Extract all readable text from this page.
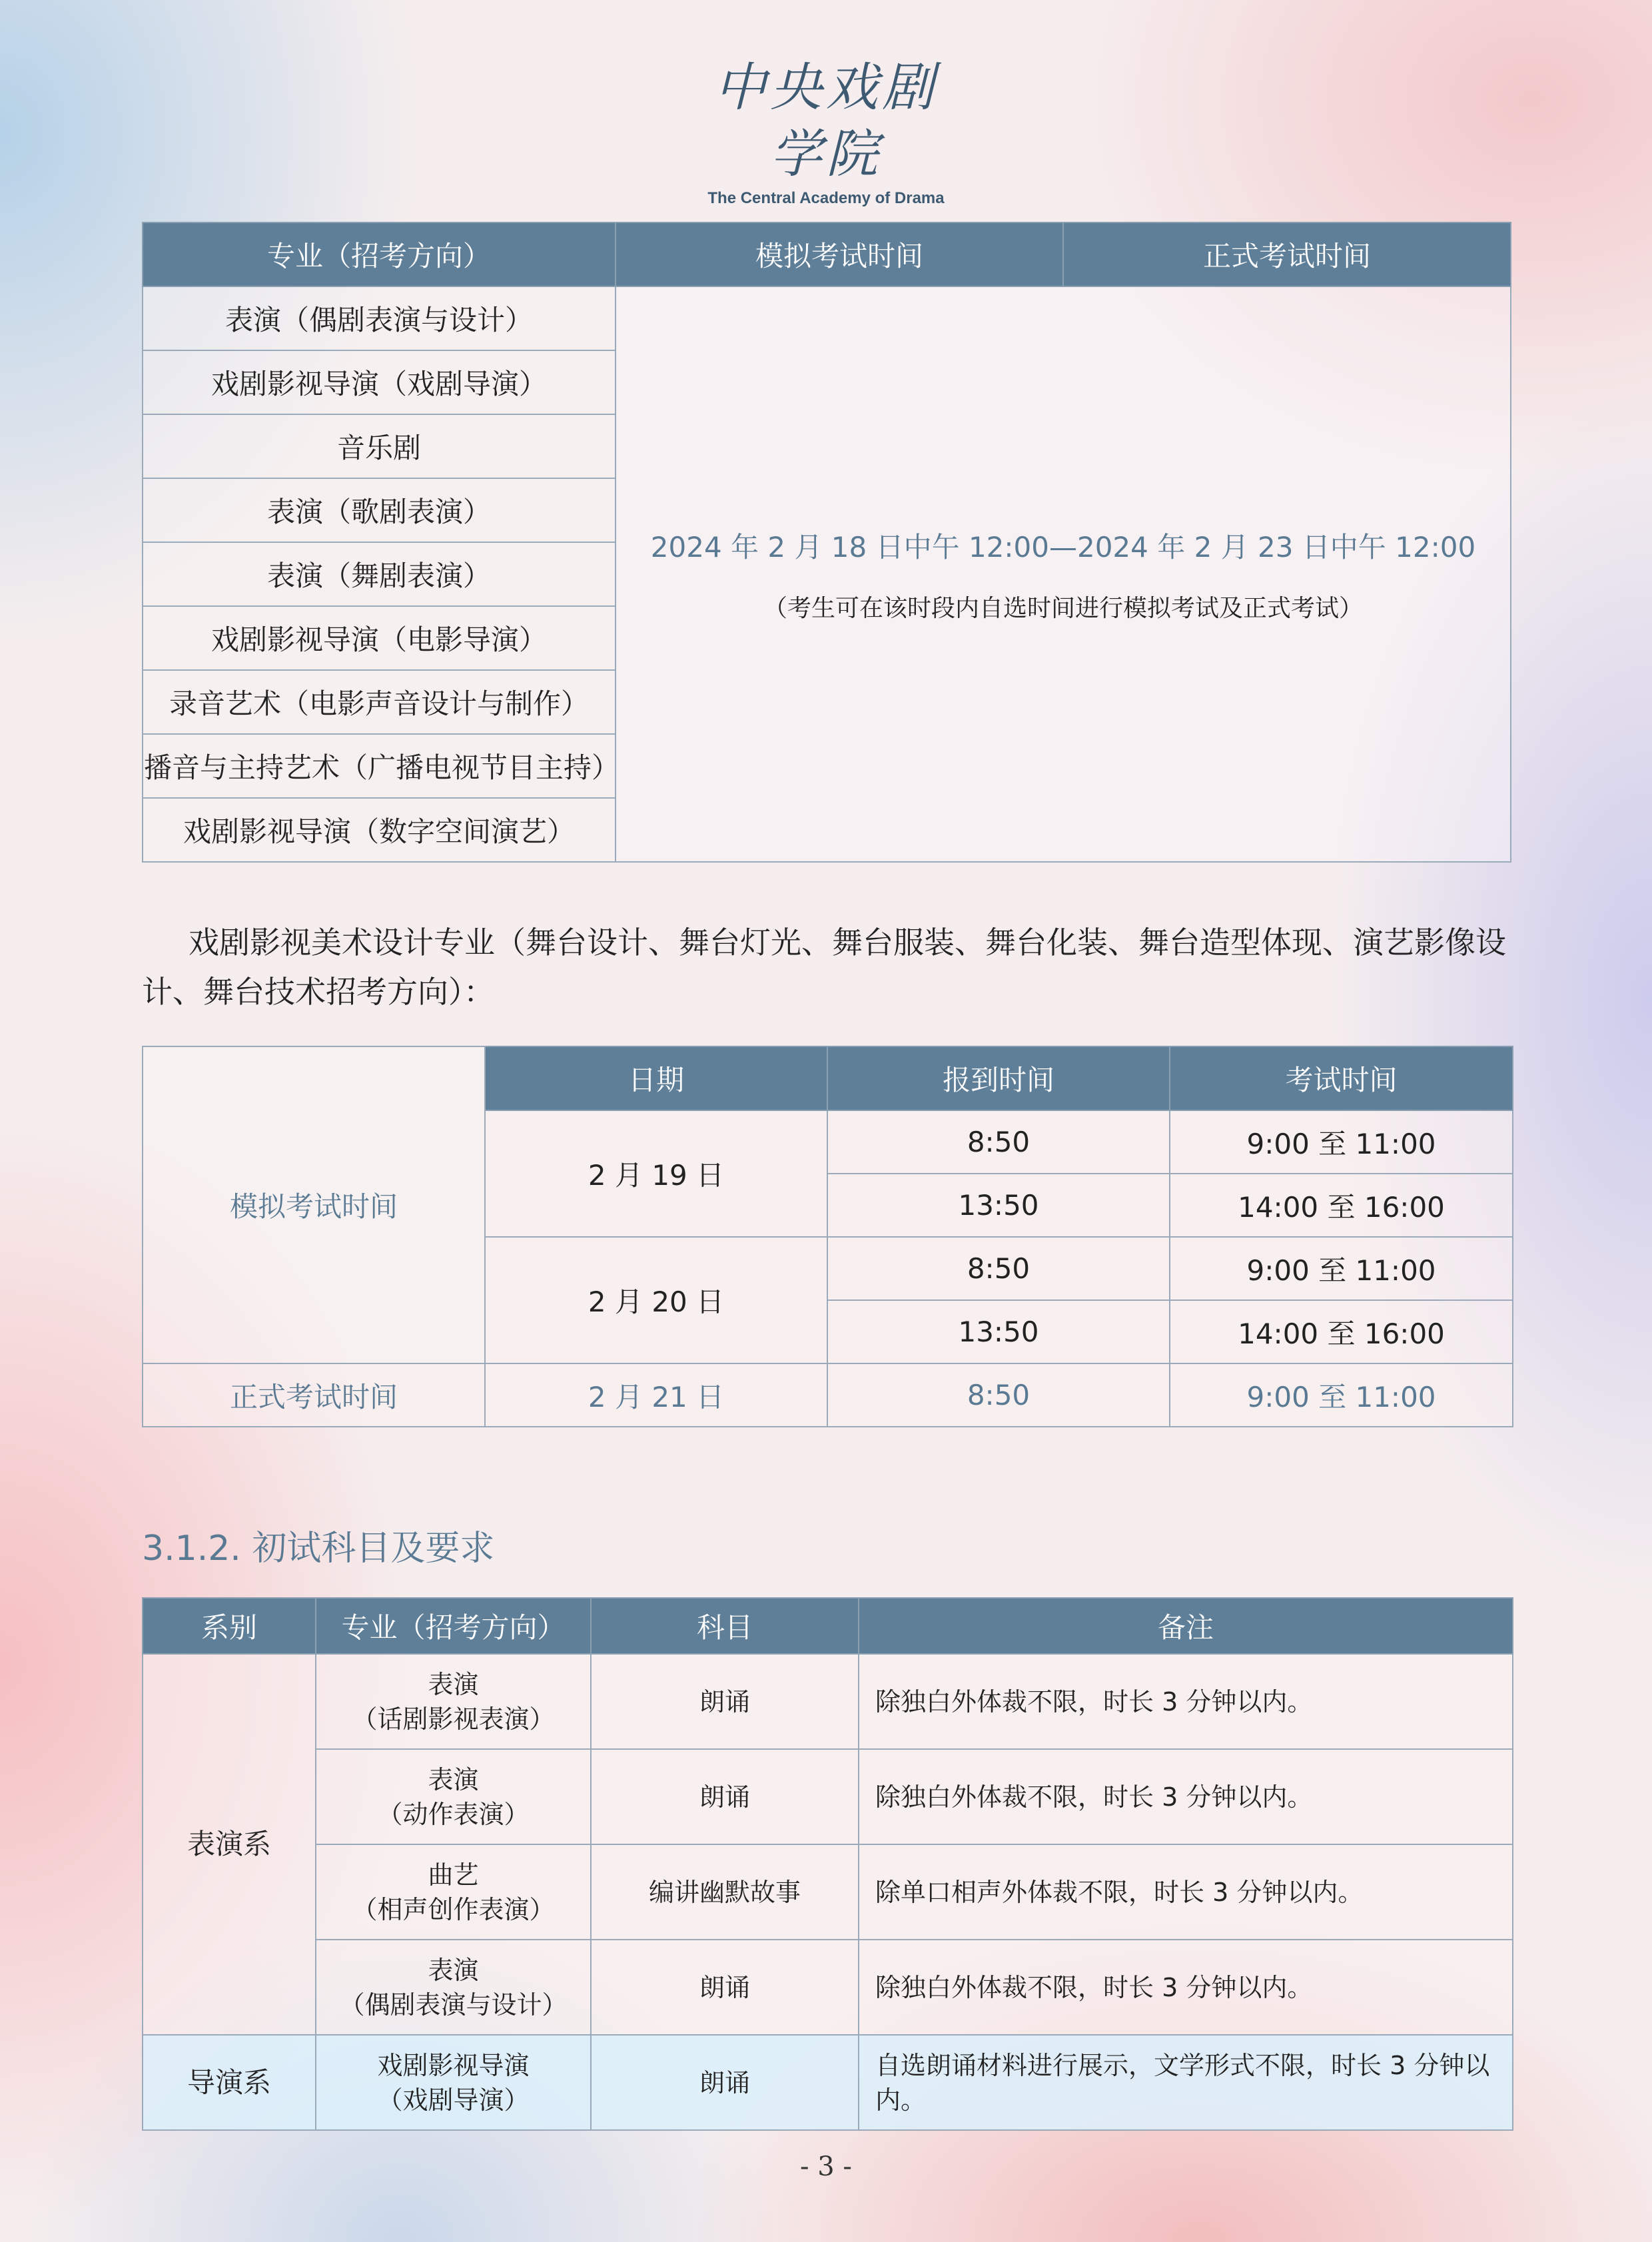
中央戏剧学院
The Central Academy of Drama
专业（招考方向）	模拟考试时间	正式考试时间
表演（偶剧表演与设计）	2024 年 2 月 18 日中午 12:00—2024 年 2 月 23 日中午 12:00
（考生可在该时段内自选时间进行模拟考试及正式考试）	

戏剧影视导演（戏剧导演）		
音乐剧		
表演（歌剧表演）		
表演（舞剧表演）		
戏剧影视导演（电影导演）		
录音艺术（电影声音设计与制作）		
播音与主持艺术（广播电视节目主持）		
戏剧影视导演（数字空间演艺）		
戏剧影视美术设计专业（舞台设计、舞台灯光、舞台服装、舞台化装、舞台造型体现、演艺影像设计、舞台技术招考方向）：
模拟考试时间	日期	报到时间	考试时间
	2 月 19 日	8:50	9:00 至 11:00
		13:50	14:00 至 16:00
	2 月 20 日	8:50	9:00 至 11:00
		13:50	14:00 至 16:00
正式考试时间	2 月 21 日	8:50	9:00 至 11:00
3.1.2. 初试科目及要求
系别	专业（招考方向）	科目	备注
表演系	表演
（话剧影视表演）	朗诵	除独白外体裁不限，时长 3 分钟以内。

	表演
（动作表演）	朗诵	除独白外体裁不限，时长 3 分钟以内。

	曲艺
（相声创作表演）	编讲幽默故事	除单口相声外体裁不限，时长 3 分钟以内。

	表演
（偶剧表演与设计）	朗诵	除独白外体裁不限，时长 3 分钟以内。
导演系	戏剧影视导演
（戏剧导演）	朗诵	自选朗诵材料进行展示，文学形式不限，时长 3 分钟以内。
- 3 -
